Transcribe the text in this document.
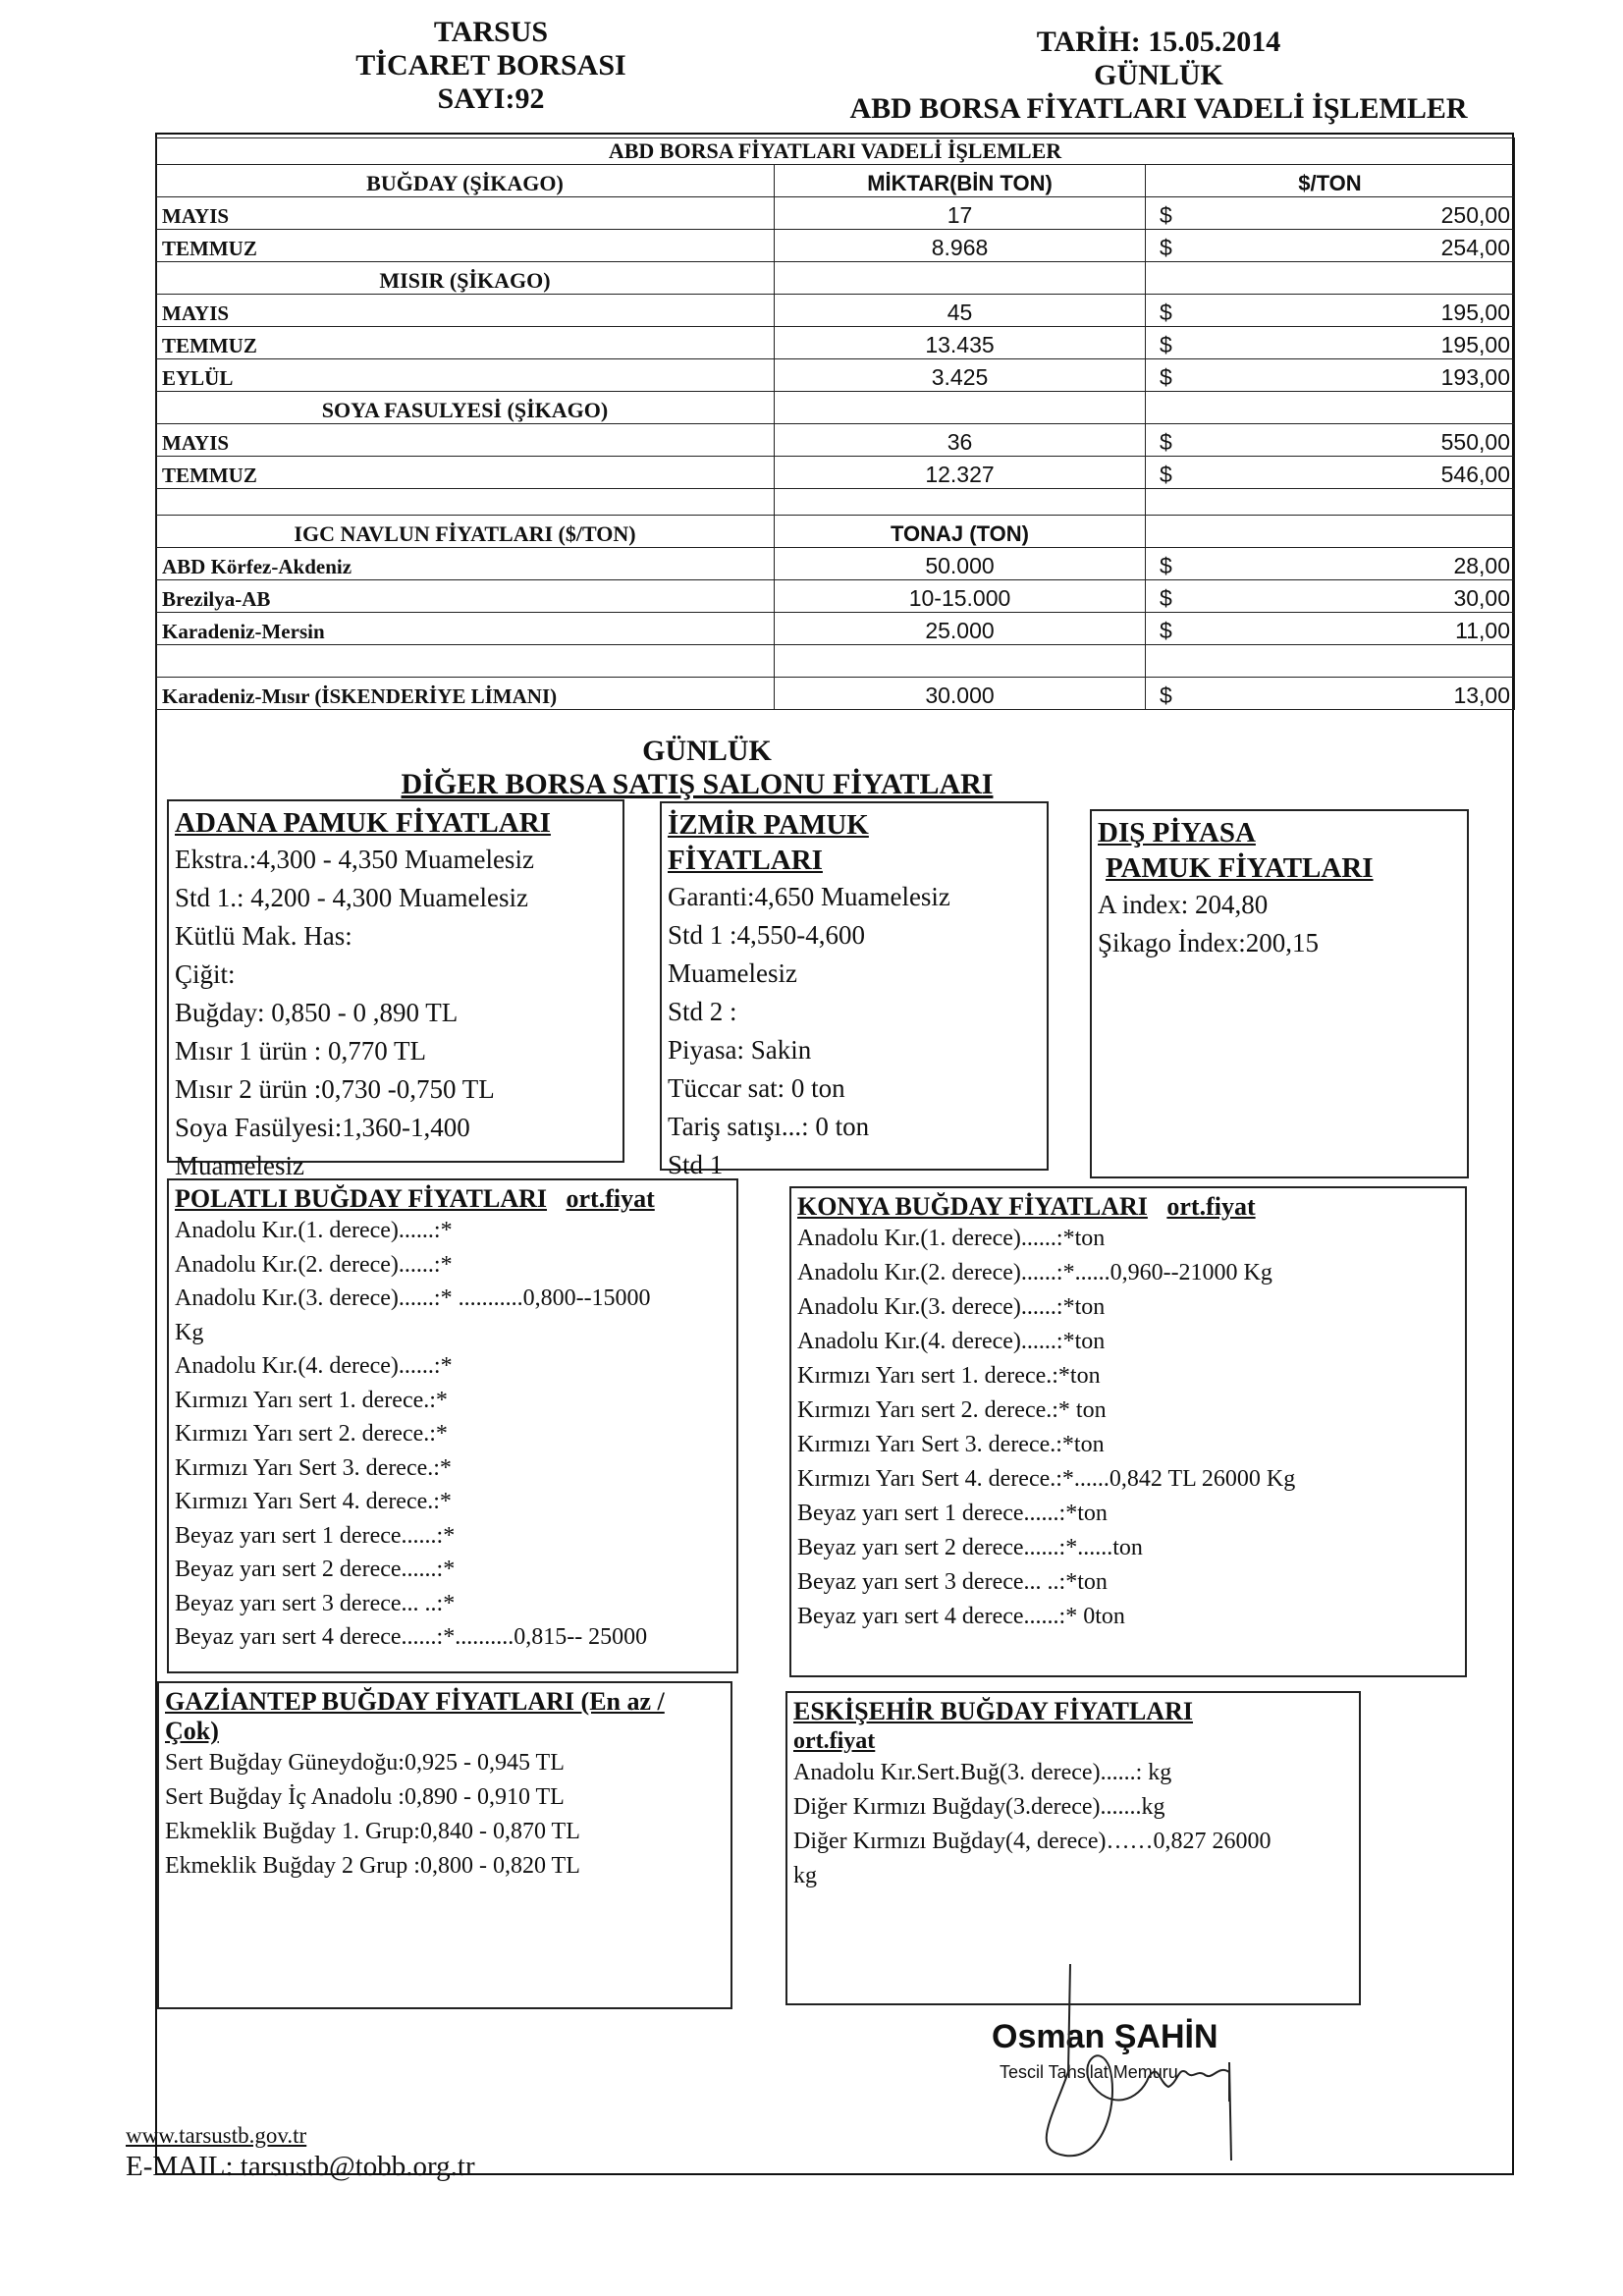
TARSUS
TİCARET BORSASI
SAYI:92
TARİH: 15.05.2014
GÜNLÜK
ABD BORSA FİYATLARI VADELİ İŞLEMLER
ABD BORSA FİYATLARI VADELİ İŞLEMLER		
BUĞDAY (ŞİKAGO)	MİKTAR(BİN TON)	$/TON
MAYIS	17	$ 250,00

TEMMUZ	8.968	$ 254,00

MISIR (ŞİKAGO)		
MAYIS	45	$ 195,00

TEMMUZ	13.435	$ 195,00

EYLÜL	3.425	$ 193,00

SOYA FASULYESİ (ŞİKAGO)		
MAYIS	36	$ 550,00

TEMMUZ	12.327	$ 546,00

IGC NAVLUN FİYATLARI ($/TON)	TONAJ (TON)	
ABD Körfez-Akdeniz	50.000	$ 28,00

Brezilya-AB	10-15.000	$ 30,00

Karadeniz-Mersin	25.000	$ 11,00

Karadeniz-Mısır (İSKENDERİYE LİMANI)	30.000	$ 13,00
GÜNLÜK
DİĞER BORSA SATIŞ SALONU FİYATLARI
ADANA PAMUK FİYATLARI
Ekstra.:4,300 - 4,350 Muamelesiz
Std 1.: 4,200 - 4,300 Muamelesiz
Kütlü Mak. Has:
Çiğit:
Buğday: 0,850 - 0 ,890 TL
Mısır 1 ürün : 0,770 TL
Mısır 2 ürün :0,730 -0,750 TL
Soya Fasülyesi:1,360-1,400
Muamelesiz
İZMİR PAMUK
FİYATLARI
Garanti:4,650 Muamelesiz
Std 1 :4,550-4,600
Muamelesiz
Std 2 :
Piyasa: Sakin
Tüccar sat: 0 ton
Tariş satışı...: 0 ton
Std 1
DIŞ PİYASA
PAMUK FİYATLARI
A index: 204,80
Şikago İndex:200,15
POLATLI BUĞDAY FİYATLARI ort.fiyat
Anadolu Kır.(1. derece)......:*
Anadolu Kır.(2. derece)......:*
Anadolu Kır.(3. derece)......:* ...........0,800--15000
Kg
Anadolu Kır.(4. derece)......:*
Kırmızı Yarı sert 1. derece.:*
Kırmızı Yarı sert 2. derece.:*
Kırmızı Yarı Sert 3. derece.:*
Kırmızı Yarı Sert 4. derece.:*
Beyaz yarı sert 1 derece......:*
Beyaz yarı sert 2 derece......:*
Beyaz yarı sert 3 derece... ..:*
Beyaz yarı sert 4 derece......:*..........0,815-- 25000
KONYA BUĞDAY FİYATLARI ort.fiyat
Anadolu Kır.(1. derece)......:*ton
Anadolu Kır.(2. derece)......:*......0,960--21000 Kg
Anadolu Kır.(3. derece)......:*ton
Anadolu Kır.(4. derece)......:*ton
Kırmızı Yarı sert 1. derece.:*ton
Kırmızı Yarı sert 2. derece.:* ton
Kırmızı Yarı Sert 3. derece.:*ton
Kırmızı Yarı Sert 4. derece.:*......0,842 TL 26000 Kg
Beyaz yarı sert 1 derece......:*ton
Beyaz yarı sert 2 derece......:*......ton
Beyaz yarı sert 3 derece... ..:*ton
Beyaz yarı sert 4 derece......:* 0ton
GAZİANTEP BUĞDAY FİYATLARI (En az /
Çok)
Sert Buğday Güneydoğu:0,925 - 0,945 TL
Sert Buğday İç Anadolu :0,890 - 0,910 TL
Ekmeklik Buğday 1. Grup:0,840 - 0,870 TL
Ekmeklik Buğday 2 Grup :0,800 - 0,820 TL
ESKİŞEHİR BUĞDAY FİYATLARI
ort.fiyat
Anadolu Kır.Sert.Buğ(3. derece)......: kg
Diğer Kırmızı Buğday(3.derece).......kg
Diğer Kırmızı Buğday(4, derece)……0,827 26000
kg
Osman ŞAHİN
Tescil Tahsilat Memuru
www.tarsustb.gov.tr
E-MAIL: tarsustb@tobb.org.tr
